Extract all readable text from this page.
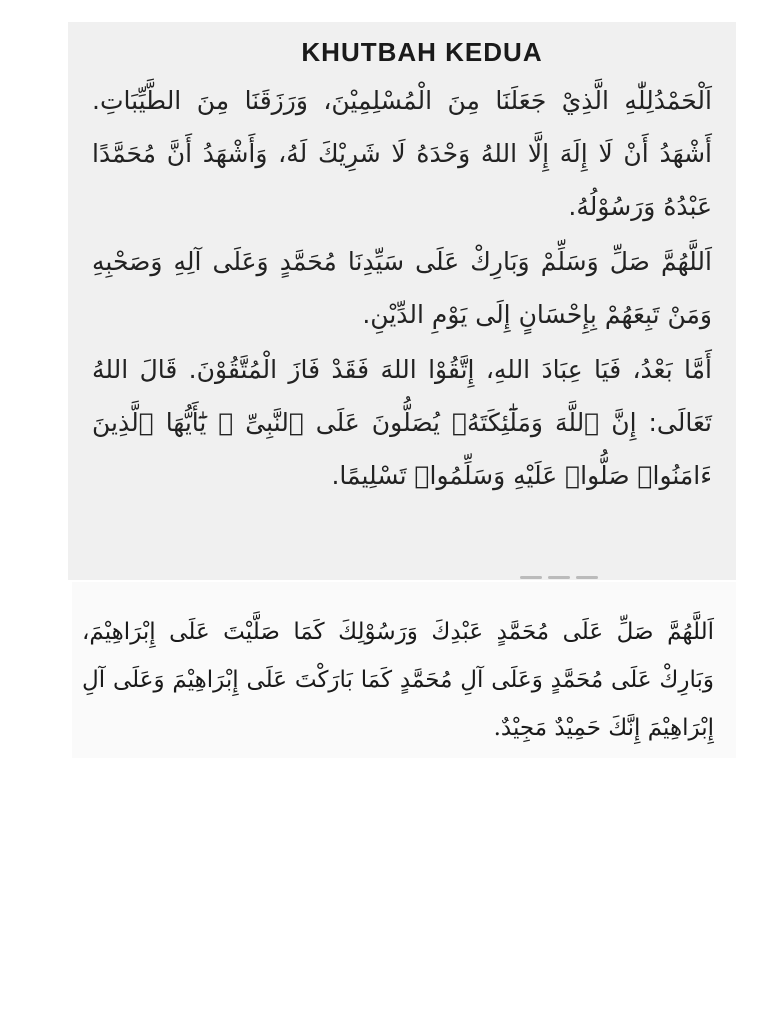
KHUTBAH KEDUA

اَلْحَمْدُلِلّٰهِ الَّذِيْ جَعَلَنَا مِنَ الْمُسْلِمِيْنَ، وَرَزَقَنَا مِنَ الطَّيِّبَاتِ. أَشْهَدُ أَنْ لَا إِلَهَ إِلَّا اللهُ وَحْدَهُ لَا شَرِيْكَ لَهُ، وَأَشْهَدُ أَنَّ مُحَمَّدًا عَبْدُهُ وَرَسُوْلُهُ.

اَللَّهُمَّ صَلِّ وَسَلِّمْ وَبَارِكْ عَلَى سَيِّدِنَا مُحَمَّدٍ وَعَلَى آلِهِ وَصَحْبِهِ وَمَنْ تَبِعَهُمْ بِإِحْسَانٍ إِلَى يَوْمِ الدِّيْنِ.

أَمَّا بَعْدُ، فَيَا عِبَادَ اللهِ، إِتَّقُوْا اللهَ فَقَدْ فَازَ الْمُتَّقُوْنَ. قَالَ اللهُ تَعَالَى: إِنَّ ٱللَّهَ وَمَلَٰٓئِكَتَهُۥ يُصَلُّونَ عَلَى ٱلنَّبِىِّ ۚ يَٰٓأَيُّهَا ٱلَّذِينَ ءَامَنُوا۟ صَلُّوا۟ عَلَيْهِ وَسَلِّمُوا۟ تَسْلِيمًا.

اَللَّهُمَّ صَلِّ عَلَى مُحَمَّدٍ عَبْدِكَ وَرَسُوْلِكَ كَمَا صَلَّيْتَ عَلَى إِبْرَاهِيْمَ، وَبَارِكْ عَلَى مُحَمَّدٍ وَعَلَى آلِ مُحَمَّدٍ كَمَا بَارَكْتَ عَلَى إِبْرَاهِيْمَ وَعَلَى آلِ إِبْرَاهِيْمَ إِنَّكَ حَمِيْدٌ مَجِيْدٌ.
